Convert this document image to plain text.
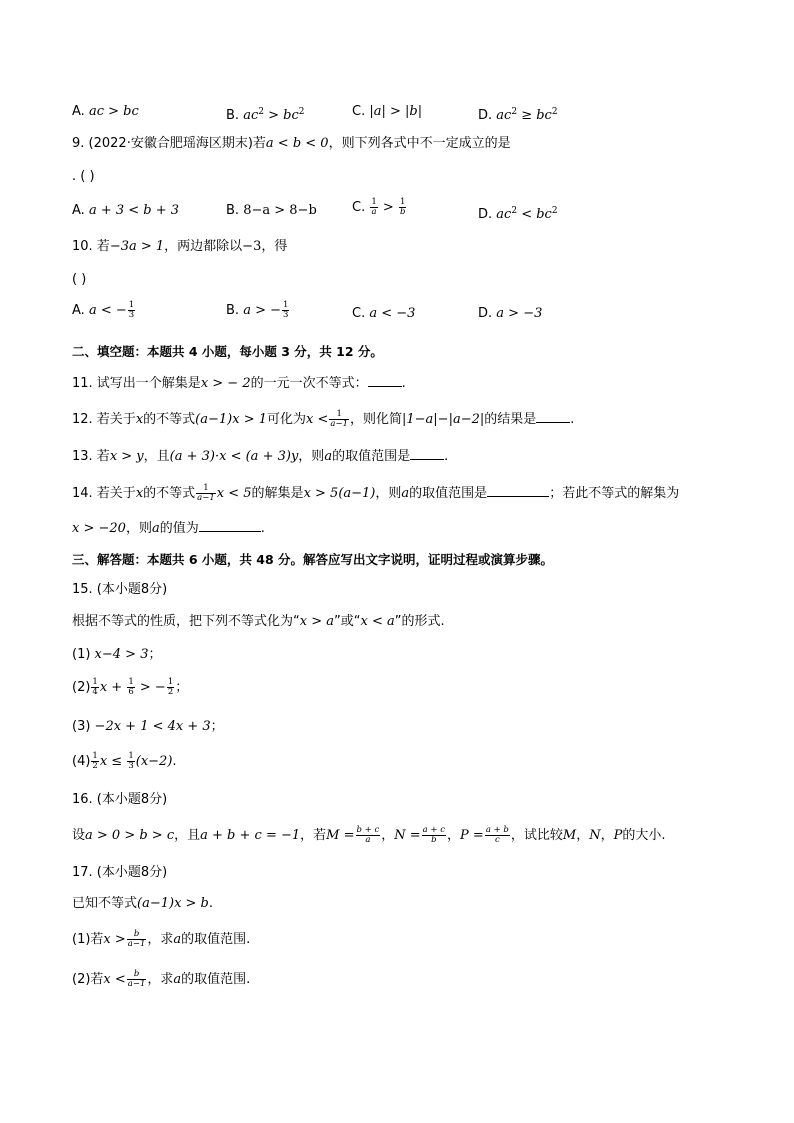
A. ac > bc	B. $ac^2 > bc^2$	C. |a| > |b|	D. $ac^2 \ge bc^2$
9. (2022·安徽合肥瑶海区期末)若a < b < 0，则下列各式中不一定成立的是
. ( )
A. a + 3 < b + 3	B. 8−a > 8−b	C. $\frac{1}{a} > \frac{1}{b}$	D. $ac^2 < bc^2$
10. 若−3a > 1，两边都除以−3，得
( )
A. a < − $\frac{1}{3}$	B. a > − $\frac{1}{3}$	C. a < −3	D. a > −3
二、填空题：本题共 4 小题，每小题 3 分，共 12 分。
11. 试写出一个解集是x > − 2的一元一次不等式：	.
12. 若关于x的不等式(a−1)x > 1可化为$x < \frac{1}{a-1}$ ，则化简|1−a|−|a−2|的结果是	.
13. 若x > y，且(a + 3)·x < (a + 3)y，则a的取值范围是	.
14. 若关于x的不等式 $\frac{1}{a-1}$ x < 5的解集是x > 5(a−1)，则a的取值范围是	；若此不等式的解集为
x > −20，则a的值为	.
三、解答题：本题共 6 小题，共 48 分。解答应写出文字说明，证明过程或演算步骤。
15. (本小题8分)
根据不等式的性质，把下列不等式化为“x > a”或“x < a”的形式.
(1) x−4 > 3；
$(2) \frac{1}{4}$ $x + \frac{1}{6}$ > − $\frac{1}{2}$ ；
(3) −2x + 1 < 4x + 3；
$(4) \frac{1}{2}$ $x \le \frac{1}{3} (x-2)$.
16. (本小题8分)
设a > 0 > b > c，且a + b + c = −1，若$M = \frac{b + c}{a}$ ，$N = \frac{a + c}{b}$ ，$P = \frac{a + b}{c}$ ，试比较M，N，P的大小.
17. (本小题8分)
已知不等式(a−1)x > b.
(1)若$x > \frac{b}{a-1}$ ，求a的取值范围.
(2)若$x < \frac{b}{a-1}$ ，求a的取值范围.
